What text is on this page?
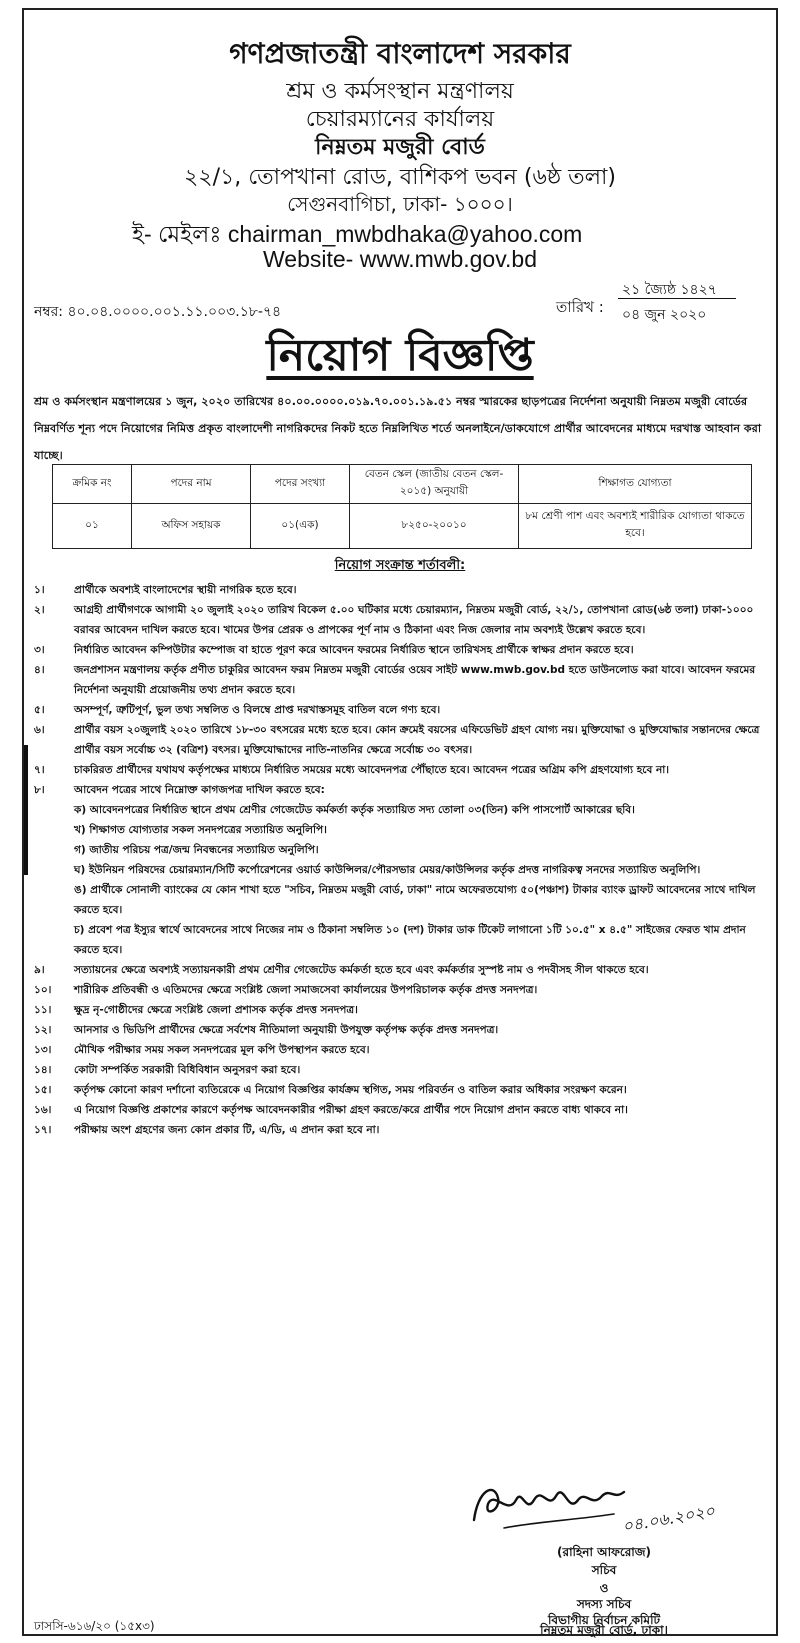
গণপ্রজাতন্ত্রী বাংলাদেশ সরকার
শ্রম ও কর্মসংস্থান মন্ত্রণালয়
চেয়ারম্যানের কার্যালয়
নিম্নতম মজুরী বোর্ড
২২/১, তোপখানা রোড, বাশিকপ ভবন (৬ষ্ঠ তলা)
সেগুনবাগিচা, ঢাকা- ১০০০।
ই- মেইলঃ chairman_mwbdhaka@yahoo.com
Website- www.mwb.gov.bd
নম্বর: ৪০.০৪.০০০০.০০১.১১.০০৩.১৮-৭৪	তারিখ :
২১ জ্যৈষ্ঠ ১৪২৭
০৪ জুন ২০২০
নিয়োগ বিজ্ঞপ্তি
শ্রম ও কর্মসংস্থান মন্ত্রণালয়ের ১ জুন, ২০২০ তারিখের ৪০.০০.০০০০.০১৯.৭০.০০১.১৯.৫১ নম্বর স্মারকের ছাড়পত্রের নির্দেশনা অনুযায়ী নিম্নতম মজুরী বোর্ডের নিম্নবর্ণিত শূন্য পদে নিয়োগের নিমিত্ত প্রকৃত বাংলাদেশী নাগরিকদের নিকট হতে নিম্নলিখিত শর্তে অনলাইনে/ডাকযোগে প্রার্থীর আবেদনের মাধ্যমে দরখাস্ত আহবান করা যাচ্ছে।
ক্রমিক নং	পদের নাম	পদের সংখ্যা	বেতন স্কেল (জাতীয় বেতন স্কেল- ২০১৫) অনুযায়ী	শিক্ষাগত যোগ্যতা
০১	অফিস সহায়ক	০১(এক)	৮২৫০-২০০১০	৮ম শ্রেণী পাশ এবং অবশ্যই শারীরিক যোগ্যতা থাকতে হবে।
নিয়োগ সংক্রান্ত শর্তাবলী:
১।	প্রার্থীকে অবশ্যই বাংলাদেশের স্থায়ী নাগরিক হতে হবে।
২।	আগ্রহী প্রার্থীগণকে আগামী ২০ জুলাই ২০২০ তারিখ বিকেল ৫.০০ ঘটিকার মধ্যে চেয়ারম্যান, নিম্নতম মজুরী বোর্ড, ২২/১, তোপখানা রোড(৬ষ্ঠ তলা) ঢাকা-১০০০ বরাবর আবেদন দাখিল করতে হবে। খামের উপর প্রেরক ও প্রাপকের পূর্ণ নাম ও ঠিকানা এবং নিজ জেলার নাম অবশ্যই উল্লেখ করতে হবে।
৩।	নির্ধারিত আবেদন কম্পিউটার কম্পোজ বা হাতে পূরণ করে আবেদন ফরমের নির্ধারিত স্থানে তারিখসহ প্রার্থীকে স্বাক্ষর প্রদান করতে হবে।
৪।	জনপ্রশাসন মন্ত্রণালয় কর্তৃক প্রণীত চাকুরির আবেদন ফরম নিম্নতম মজুরী বোর্ডের ওয়েব সাইট www.mwb.gov.bd হতে ডাউনলোড করা যাবে। আবেদন ফরমের নির্দেশনা অনুযায়ী প্রয়োজনীয় তথ্য প্রদান করতে হবে।
৫।	অসম্পূর্ণ, ত্রুটিপূর্ণ, ভুল তথ্য সম্বলিত ও বিলম্বে প্রাপ্ত দরখাস্তসমূহ বাতিল বলে গণ্য হবে।
৬।	প্রার্থীর বয়স ২০জুলাই ২০২০ তারিখে ১৮-৩০ বৎসরের মধ্যে হতে হবে। কোন ক্রমেই বয়সের এফিডেভিট গ্রহণ যোগ্য নয়। মুক্তিযোদ্ধা ও মুক্তিযোদ্ধার সন্তানদের ক্ষেত্রে প্রার্থীর বয়স সর্বোচ্চ ৩২ (বত্রিশ) বৎসর। মুক্তিযোদ্ধাদের নাতি-নাতনির ক্ষেত্রে সর্বোচ্চ ৩০ বৎসর।
৭।	চাকরিরত প্রার্থীদের যথাযথ কর্তৃপক্ষের মাধ্যমে নির্ধারিত সময়ের মধ্যে আবেদনপত্র পৌঁছাতে হবে। আবেদন পত্রের অগ্রিম কপি গ্রহণযোগ্য হবে না।
৮।	আবেদন পত্রের সাথে নিম্নোক্ত কাগজপত্র দাখিল করতে হবে:
ক) আবেদনপত্রের নির্ধারিত স্থানে প্রথম শ্রেণীর গেজেটেড কর্মকর্তা কর্তৃক সত্যায়িত সদ্য তোলা ০৩(তিন) কপি পাসপোর্ট আকারের ছবি।
খ) শিক্ষাগত যোগ্যতার সকল সনদপত্রের সত্যায়িত অনুলিপি।
গ) জাতীয় পরিচয় পত্র/জন্ম নিবন্ধনের সত্যায়িত অনুলিপি।
ঘ) ইউনিয়ন পরিষদের চেয়ারম্যান/সিটি কর্পোরেশনের ওয়ার্ড কাউন্সিলর/পৌরসভার মেয়র/কাউন্সিলর কর্তৃক প্রদত্ত নাগরিকত্ব সনদের সত্যায়িত অনুলিপি।
ঙ) প্রার্থীকে সোনালী ব্যাংকের যে কোন শাখা হতে "সচিব, নিম্নতম মজুরী বোর্ড, ঢাকা" নামে অফেরতযোগ্য ৫০(পঞ্চাশ) টাকার ব্যাংক ড্রাফট আবেদনের সাথে দাখিল করতে হবে।
চ) প্রবেশ পত্র ইস্যুর স্বার্থে আবেদনের সাথে নিজের নাম ও ঠিকানা সম্বলিত ১০ (দশ) টাকার ডাক টিকেট লাগানো ১টি ১০.৫" x ৪.৫" সাইজের ফেরত খাম প্রদান করতে হবে।
৯।	সত্যায়নের ক্ষেত্রে অবশ্যই সত্যায়নকারী প্রথম শ্রেণীর গেজেটেড কর্মকর্তা হতে হবে এবং কর্মকর্তার সুস্পষ্ট নাম ও পদবীসহ সীল থাকতে হবে।
১০।	শারীরিক প্রতিবন্ধী ও এতিমদের ক্ষেত্রে সংশ্লিষ্ট জেলা সমাজসেবা কার্যালয়ের উপপরিচালক কর্তৃক প্রদত্ত সনদপত্র।
১১।	ক্ষুদ্র নৃ-গোষ্ঠীদের ক্ষেত্রে সংশ্লিষ্ট জেলা প্রশাসক কর্তৃক প্রদত্ত সনদপত্র।
১২।	আনসার ও ভিডিপি প্রার্থীদের ক্ষেত্রে সর্বশেষ নীতিমালা অনুযায়ী উপযুক্ত কর্তৃপক্ষ কর্তৃক প্রদত্ত সনদপত্র।
১৩।	মৌখিক পরীক্ষার সময় সকল সনদপত্রের মূল কপি উপস্থাপন করতে হবে।
১৪।	কোটা সম্পর্কিত সরকারী বিধিবিধান অনুসরণ করা হবে।
১৫।	কর্তৃপক্ষ কোনো কারণ দর্শানো ব্যতিরেকে এ নিয়োগ বিজ্ঞপ্তির কার্যক্রম স্থগিত, সময় পরিবর্তন ও বাতিল করার অধিকার সংরক্ষণ করেন।
১৬।	এ নিয়োগ বিজ্ঞপ্তি প্রকাশের কারণে কর্তৃপক্ষ আবেদনকারীর পরীক্ষা গ্রহণ করতে/করে প্রার্থীর পদে নিয়োগ প্রদান করতে বাধ্য থাকবে না।
১৭।	পরীক্ষায় অংশ গ্রহণের জন্য কোন প্রকার টি, এ/ডি, এ প্রদান করা হবে না।
০৪.০৬.২০২০
(রাহিনা আফরোজ)
সচিব
ও
সদস্য সচিব
বিভাগীয় নির্বাচন কমিটি
নিম্নতম মজুরী বোর্ড, ঢাকা।
ঢাসসি-৬১৬/২০ (১৫x৩)
